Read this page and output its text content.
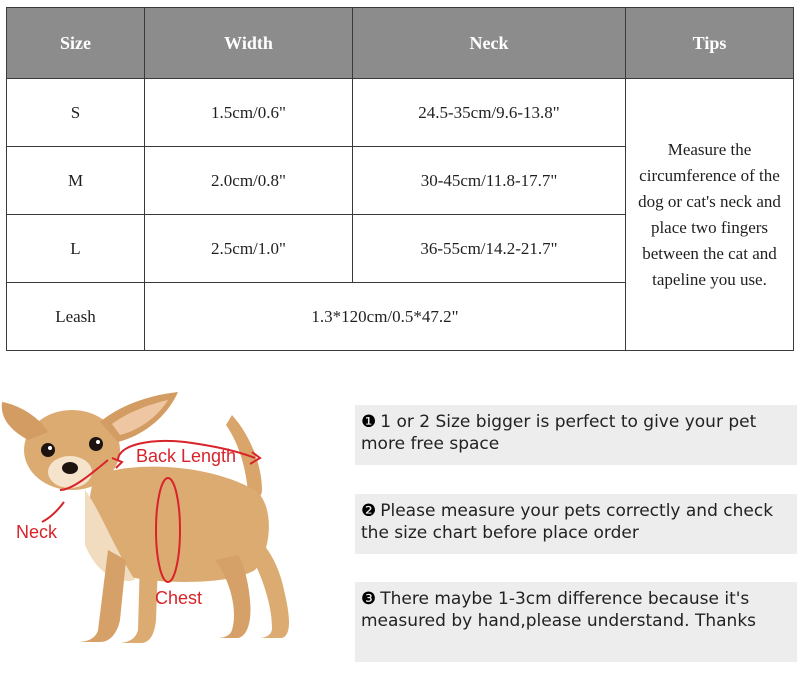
Size	Width	Neck	Tips
S	1.5cm/0.6"	24.5-35cm/9.6-13.8"	Measure the circumference of the dog or cat's neck and place two fingers between the cat and tapeline you use.
M	2.0cm/0.8"	30-45cm/11.8-17.7"	
L	2.5cm/1.0"	36-55cm/14.2-21.7"	
Leash	1.3*120cm/0.5*47.2"		
Back Length
Neck
Chest
❶ 1 or 2 Size bigger is perfect to give your pet more free space
❷ Please measure your pets correctly and check the size chart before place order
❸ There maybe 1-3cm difference because it's measured by hand,please understand. Thanks
